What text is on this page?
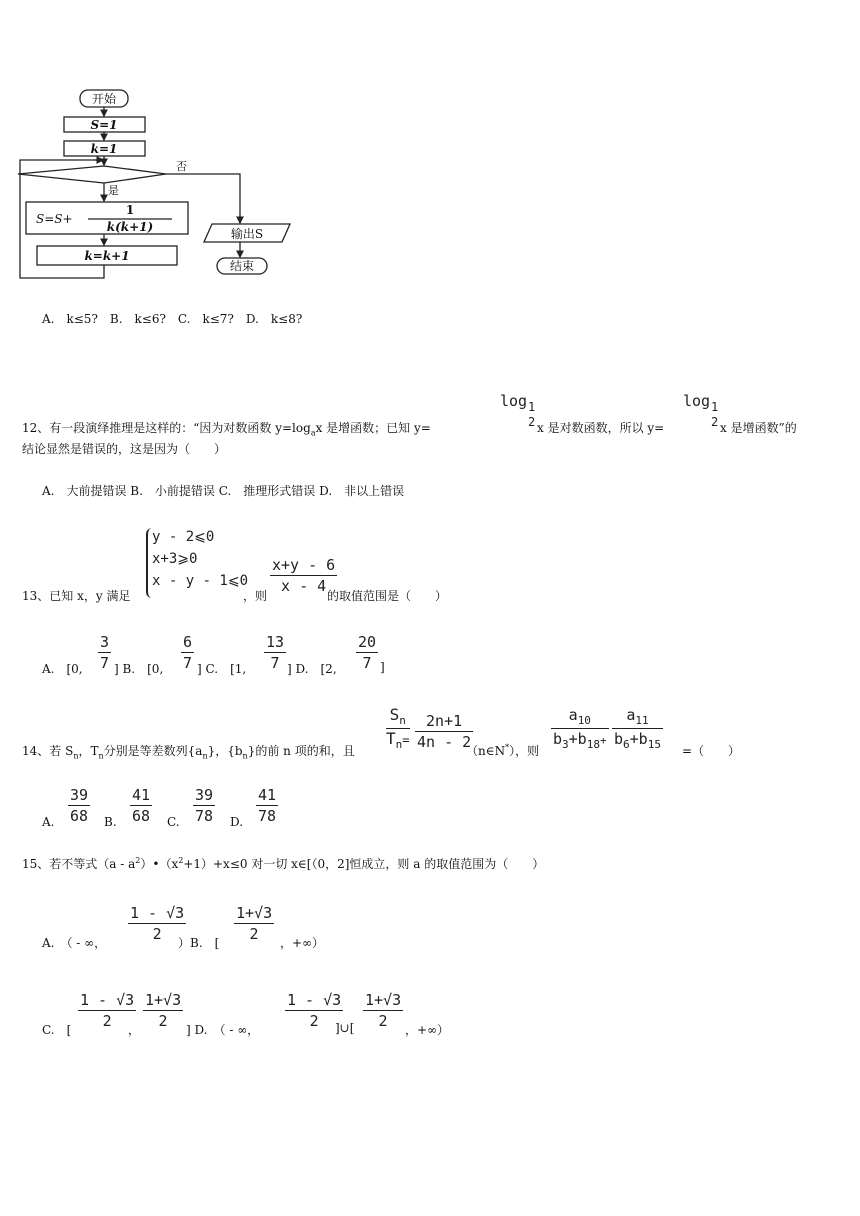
开始
S=1
k=1
否
是
S=S+
1
k(k+1)
k=k+1
输出S
结束
A.　k≤5?　B.　k≤6?　C.　k≤7?　D.　k≤8?
12、有一段演绎推理是这样的：“因为对数函数 $y=\log_ax$ 是增函数；已知 y=
log 1
2 x 是对数函数，所以 y=
log 1
2 x 是增函数”的
结论显然是错误的，这是因为（　　）
A.　大前提错误 B.　小前提错误 C.　推理形式错误 D.　非以上错误
13、已知 x，y 满足
y - 2⩽0
x+3⩾0
x - y - 1⩽0
，则
$\frac{x+y - 6}{x - 4}$
的取值范围是（　　）
A.　[0, $\frac{3}{7}$ ] B.　[0, $\frac{6}{7}$ ] C.　[1, $\frac{13}{7}$ ] D.　[2, $\frac{20}{7}$ ]
14、若 $S_n$，$T_n$分别是等差数列$\{a_n\}$，$\{b_n\}$的前 n 项的和，且 $\frac{S_n}{T_n=} \frac{2n+1}{4n - 2}$
（n∈N*），则 $\frac{a_{10}}{b_3+b_{18}+} \frac{a_{11}}{b_6+b_{15}}$ =（　　）
A. $\frac{39}{68} B$. $\frac{41}{68} C$. $\frac{39}{78} D$. $\frac{41}{78}$
15、若不等式$(a - a^2)•(x^2+1)+x\le 0$ 对一切 x∈[（0，2]恒成立，则 a 的取值范围为（　　）
A.　（ - ∞， $\frac{1 - √3}{2}$
）B.　[ $\frac{1+√3}{2}$ ，+∞）
C.　[ $\frac{1 - √3}{2}$
， $\frac{1+√3}{2}$ ] D.　（ - ∞， $\frac{1 - √3}{2}$
]∪[ $\frac{1+√3}{2}$ ，+∞）
